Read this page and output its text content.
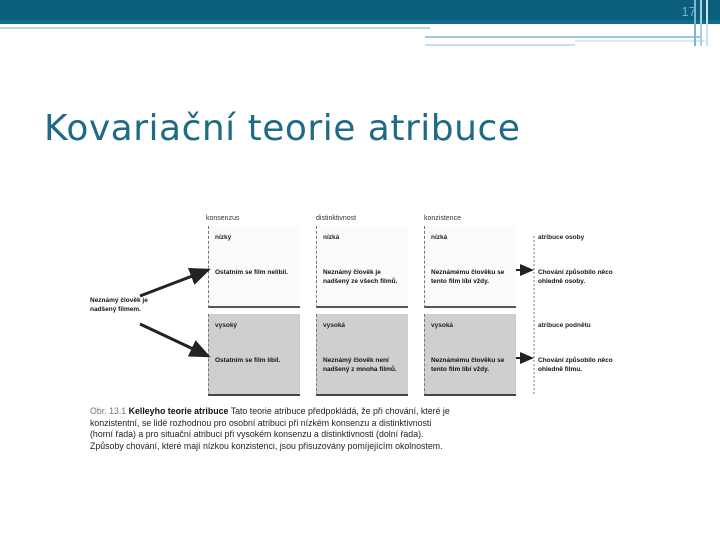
17
Kovariační teorie atribuce
konsenzus	distinktivnost	konzistence
Neznámý člověk je nadšený filmem.
nízký
Ostatním se film nelíbil.
nízká
Neznámý člověk je nadšený ze všech filmů.
nízká
Neznámému člověku se tento film líbí vždy.
atribuce osoby
Chování způsobilo něco ohledně osoby.
vysoký
Ostatním se film líbil.
vysoká
Neznámý člověk není nadšený z mnoha filmů.
vysoká
Neznámému člověku se tento film líbí vždy.
atribuce podnětu
Chování způsobilo něco ohledně filmu.
Obr. 13.1 Kelleyho teorie atribuce Tato teorie atribuce předpokládá, že při chování, které je konzistentní, se lidé rozhodnou pro osobní atribuci při nízkém konsenzu a distinktivnosti (horní řada) a pro situační atribuci při vysokém konsenzu a distinktivnosti (dolní řada). Způsoby chování, které mají nízkou konzistenci, jsou přisuzovány pomíjejícím okolnostem.
